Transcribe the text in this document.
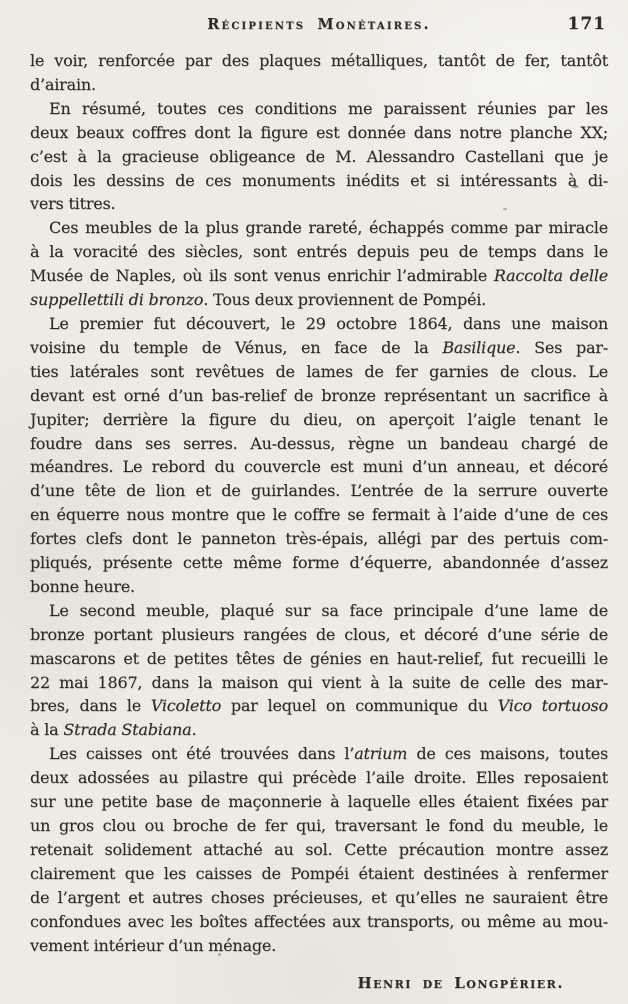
Récipients Monétaires.	171

le voir, renforcée par des plaques métalliques, tantôt de fer, tantôt
d’airain.

En résumé, toutes ces conditions me paraissent réunies par les
deux beaux coffres dont la figure est donnée dans notre planche XX;
c’est à la gracieuse obligeance de M. Alessandro Castellani que je
dois les dessins de ces monuments inédits et si intéressants à di-
vers titres.

Ces meubles de la plus grande rareté, échappés comme par miracle
à la voracité des siècles, sont entrés depuis peu de temps dans le
Musée de Naples, où ils sont venus enrichir l’admirable Raccolta delle
suppellettili di bronzo. Tous deux proviennent de Pompéi.

Le premier fut découvert, le 29 octobre 1864, dans une maison
voisine du temple de Vénus, en face de la Basilique. Ses par-
ties latérales sont revêtues de lames de fer garnies de clous. Le
devant est orné d’un bas-relief de bronze représentant un sacrifice à
Jupiter; derrière la figure du dieu, on aperçoit l’aigle tenant le
foudre dans ses serres. Au-dessus, règne un bandeau chargé de
méandres. Le rebord du couvercle est muni d’un anneau, et décoré
d’une tête de lion et de guirlandes. L’entrée de la serrure ouverte
en équerre nous montre que le coffre se fermait à l’aide d’une de ces
fortes clefs dont le panneton très-épais, allégi par des pertuis com-
pliqués, présente cette même forme d’équerre, abandonnée d’assez
bonne heure.

Le second meuble, plaqué sur sa face principale d’une lame de
bronze portant plusieurs rangées de clous, et décoré d’une série de
mascarons et de petites têtes de génies en haut-relief, fut recueilli le
22 mai 1867, dans la maison qui vient à la suite de celle des mar-
bres, dans le Vicoletto par lequel on communique du Vico tortuoso
à la Strada Stabiana.

Les caisses ont été trouvées dans l’atrium de ces maisons, toutes
deux adossées au pilastre qui précède l’aile droite. Elles reposaient
sur une petite base de maçonnerie à laquelle elles étaient fixées par
un gros clou ou broche de fer qui, traversant le fond du meuble, le
retenait solidement attaché au sol. Cette précaution montre assez
clairement que les caisses de Pompéi étaient destinées à renfermer
de l’argent et autres choses précieuses, et qu’elles ne sauraient être
confondues avec les boîtes affectées aux transports, ou même au mou-
vement intérieur d’un ménage.

Henri de Longpérier.
